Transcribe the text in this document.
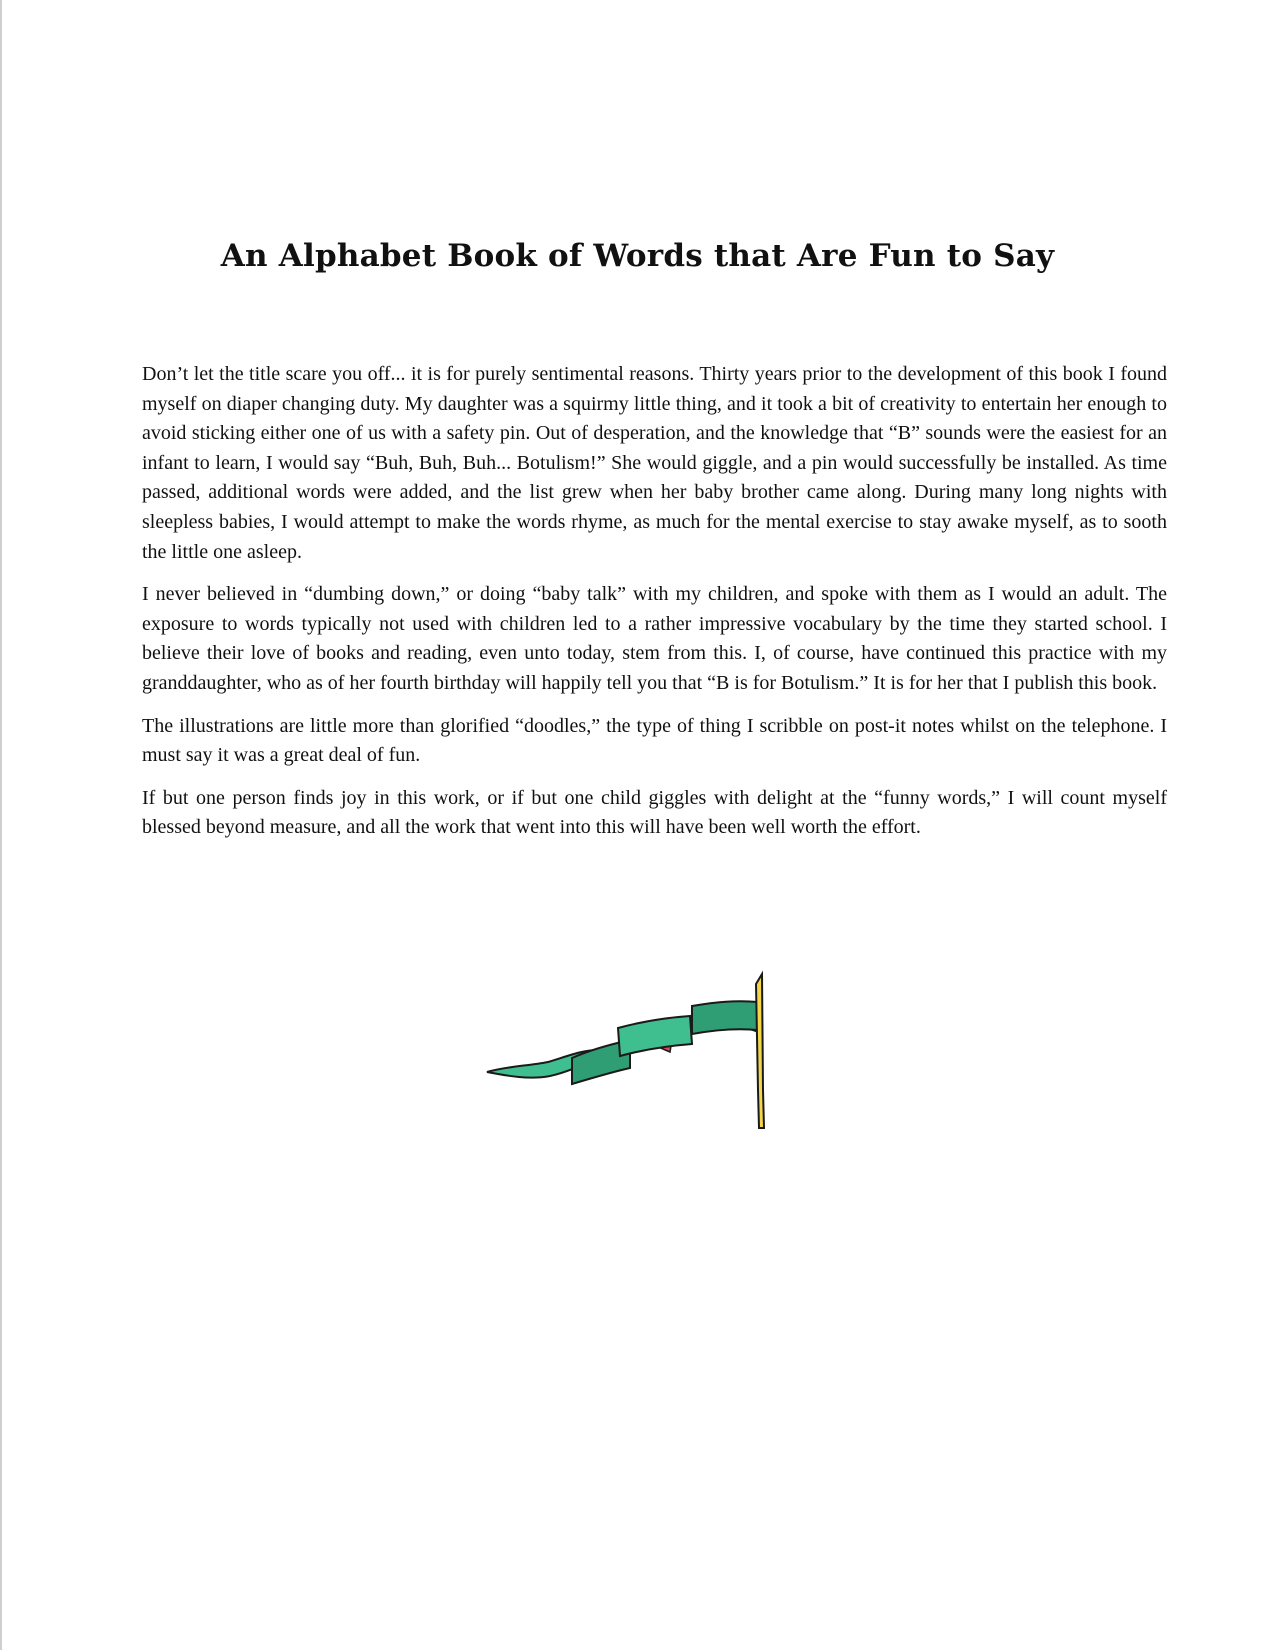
An Alphabet Book of Words that Are Fun to Say

Don’t let the title scare you off... it is for purely sentimental reasons. Thirty years prior to the development of this book I found myself on diaper changing duty. My daughter was a squirmy little thing, and it took a bit of creativity to entertain her enough to avoid sticking either one of us with a safety pin. Out of desperation, and the knowledge that “B” sounds were the easiest for an infant to learn, I would say “Buh, Buh, Buh... Botulism!” She would giggle, and a pin would successfully be installed. As time passed, additional words were added, and the list grew when her baby brother came along. During many long nights with sleepless babies, I would attempt to make the words rhyme, as much for the mental exercise to stay awake myself, as to sooth the little one asleep.

I never believed in “dumbing down,” or doing “baby talk” with my children, and spoke with them as I would an adult. The exposure to words typically not used with children led to a rather impressive vocabulary by the time they started school. I believe their love of books and reading, even unto today, stem from this. I, of course, have continued this practice with my granddaughter, who as of her fourth birthday will happily tell you that “B is for Botulism.” It is for her that I publish this book.

The illustrations are little more than glorified “doodles,” the type of thing I scribble on post-it notes whilst on the telephone. I must say it was a great deal of fun.

If but one person finds joy in this work, or if but one child giggles with delight at the “funny words,” I will count myself blessed beyond measure, and all the work that went into this will have been well worth the effort.
